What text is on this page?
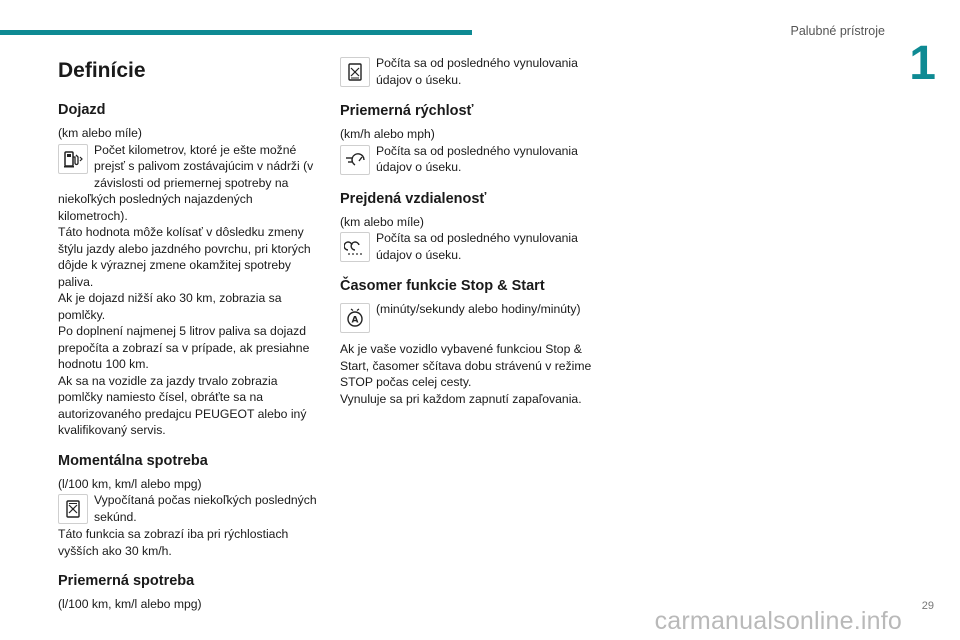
Palubné prístroje
1
Definície
Dojazd

(km alebo míle)

Počet kilometrov, ktoré je ešte možné prejsť s palivom zostávajúcim v nádrži (v závislosti od priemernej spotreby na niekoľkých posledných najazdených kilometroch).

Táto hodnota môže kolísať v dôsledku zmeny štýlu jazdy alebo jazdného povrchu, pri ktorých dôjde k výraznej zmene okamžitej spotreby paliva.

Ak je dojazd nižší ako 30 km, zobrazia sa pomlčky.

Po doplnení najmenej 5 litrov paliva sa dojazd prepočíta a zobrazí sa v prípade, ak presiahne hodnotu 100 km.

Ak sa na vozidle za jazdy trvalo zobrazia pomlčky namiesto čísel, obráťte sa na autorizovaného predajcu PEUGEOT alebo iný kvalifikovaný servis.

Momentálna spotreba

(l/100 km, km/l alebo mpg)

Vypočítaná počas niekoľkých posledných sekúnd.

Táto funkcia sa zobrazí iba pri rýchlostiach vyšších ako 30 km/h.

Priemerná spotreba

(l/100 km, km/l alebo mpg)

Počíta sa od posledného vynulovania údajov o úseku.
Priemerná rýchlosť

(km/h alebo mph)

Počíta sa od posledného vynulovania údajov o úseku.
Prejdená vzdialenosť

(km alebo míle)

Počíta sa od posledného vynulovania údajov o úseku.
Časomer funkcie Stop & Start
A
(minúty/sekundy alebo hodiny/minúty)

Ak je vaše vozidlo vybavené funkciou Stop & Start, časomer sčítava dobu strávenú v režime STOP počas celej cesty.

Vynuluje sa pri každom zapnutí zapaľovania.

29
carmanualsonline.info
